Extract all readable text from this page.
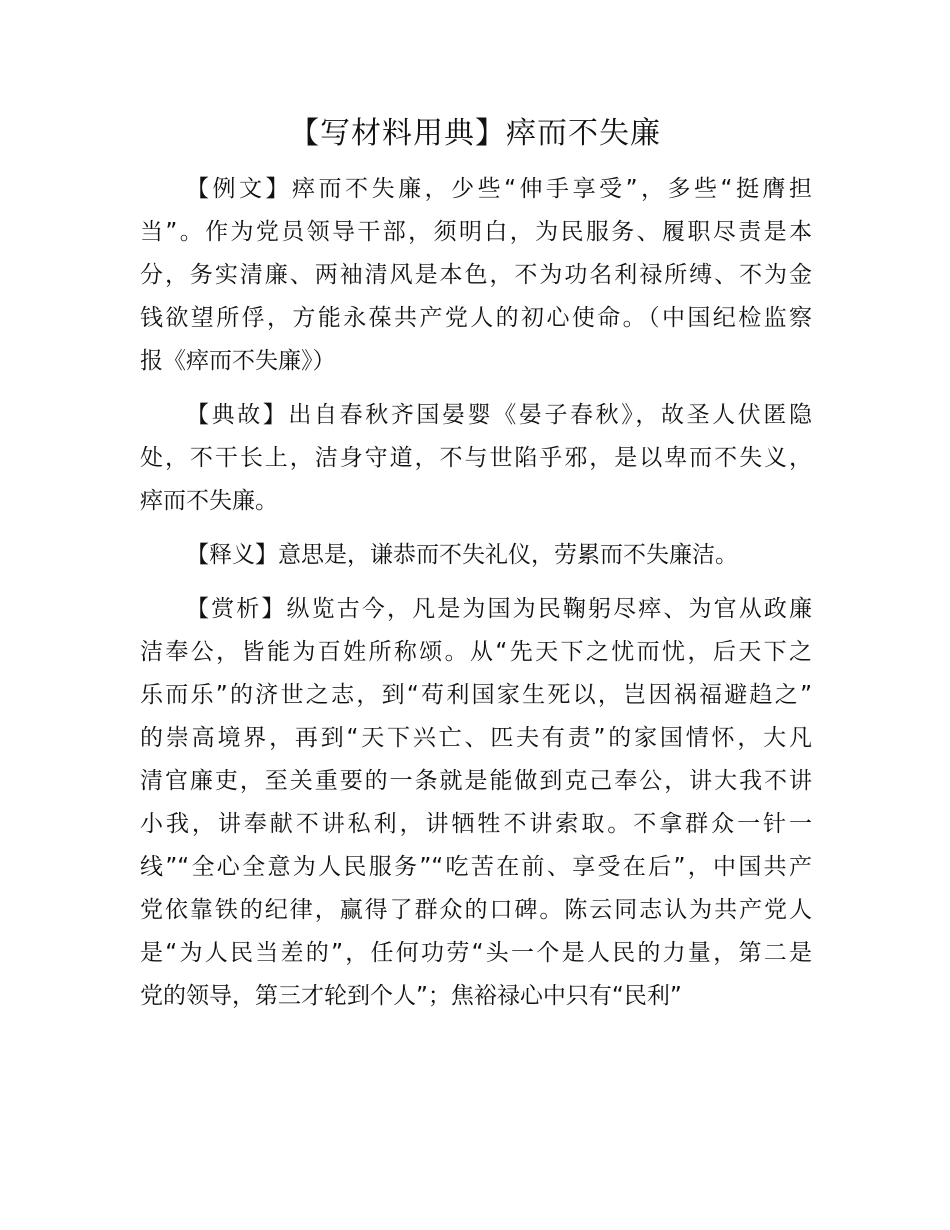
【写材料用典】瘁而不失廉

【例文】瘁而不失廉，少些“伸手享受”，多些“挺膺担
当”。作为党员领导干部，须明白，为民服务、履职尽责是本
分，务实清廉、两袖清风是本色，不为功名利禄所缚、不为金
钱欲望所俘，方能永葆共产党人的初心使命。（中国纪检监察
报《瘁而不失廉》）

【典故】出自春秋齐国晏婴《晏子春秋》，故圣人伏匿隐
处，不干长上，洁身守道，不与世陷乎邪，是以卑而不失义，
瘁而不失廉。

【释义】意思是，谦恭而不失礼仪，劳累而不失廉洁。

【赏析】纵览古今，凡是为国为民鞠躬尽瘁、为官从政廉
洁奉公，皆能为百姓所称颂。从“先天下之忧而忧，后天下之
乐而乐”的济世之志，到“苟利国家生死以，岂因祸福避趋之”
的崇高境界，再到“天下兴亡、匹夫有责”的家国情怀，大凡
清官廉吏，至关重要的一条就是能做到克己奉公，讲大我不讲
小我，讲奉献不讲私利，讲牺牲不讲索取。不拿群众一针一
线”“全心全意为人民服务”“吃苦在前、享受在后”，中国共产
党依靠铁的纪律，赢得了群众的口碑。陈云同志认为共产党人
是“为人民当差的”，任何功劳“头一个是人民的力量，第二是
党的领导，第三才轮到个人”；焦裕禄心中只有“民利”
